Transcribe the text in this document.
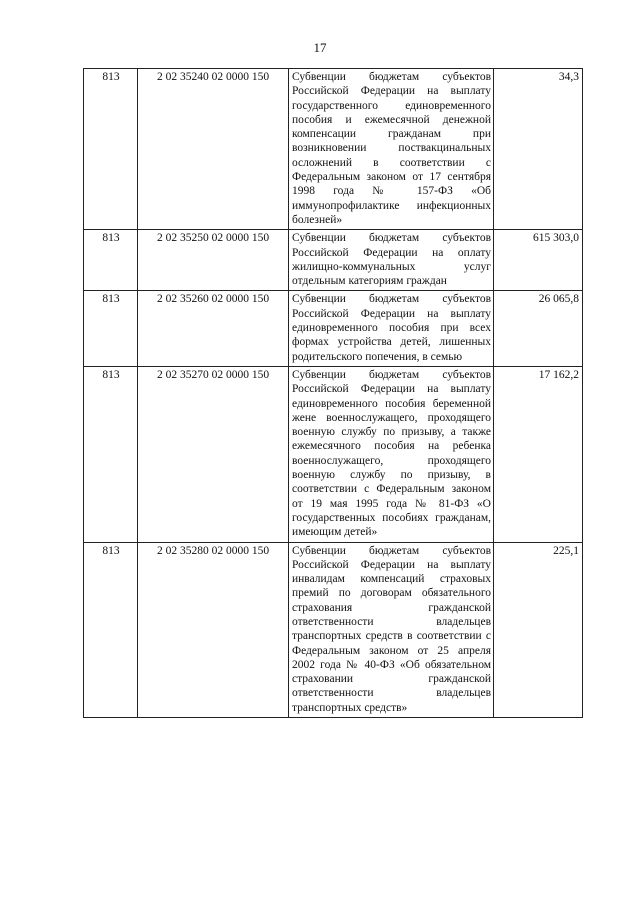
17
813	2 02 35240 02 0000 150	Субвенции бюджетам субъектов Российской Федерации на выплату государственного единовременного пособия и ежемесячной денежной компенсации гражданам при возникновении поствакцинальных осложнений в соответствии с Федеральным законом от 17 сентября 1998 года № 157-ФЗ «Об иммунопрофилактике инфекционных болезней»	34,3
813	2 02 35250 02 0000 150	Субвенции бюджетам субъектов Российской Федерации на оплату жилищно-коммунальных услуг отдельным категориям граждан	615 303,0
813	2 02 35260 02 0000 150	Субвенции бюджетам субъектов Российской Федерации на выплату единовременного пособия при всех формах устройства детей, лишенных родительского попечения, в семью	26 065,8
813	2 02 35270 02 0000 150	Субвенции бюджетам субъектов Российской Федерации на выплату единовременного пособия беременной жене военнослужащего, проходящего военную службу по призыву, а также ежемесячного пособия на ребенка военнослужащего, проходящего военную службу по призыву, в соответствии с Федеральным законом от 19 мая 1995 года № 81-ФЗ «О государственных пособиях гражданам, имеющим детей»	17 162,2
813	2 02 35280 02 0000 150	Субвенции бюджетам субъектов Российской Федерации на выплату инвалидам компенсаций страховых премий по договорам обязательного страхования гражданской ответственности владельцев транспортных средств в соответствии с Федеральным законом от 25 апреля 2002 года № 40-ФЗ «Об обязательном страховании гражданской ответственности владельцев транспортных средств»	225,1
